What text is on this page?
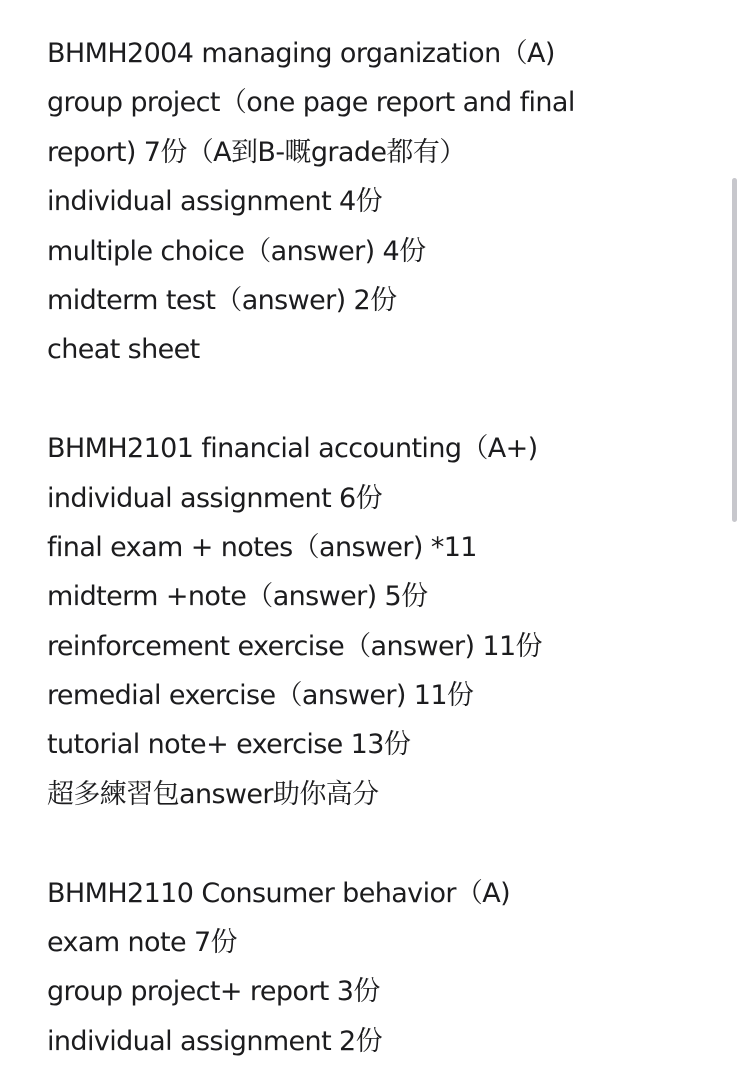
BHMH2004 managing organization（A)
group project（one page report and final
report) 7份（A到B-嘅grade都有）
individual assignment 4份
multiple choice（answer) 4份
midterm test（answer) 2份
cheat sheet
BHMH2101 financial accounting（A+)
individual assignment 6份
final exam + notes（answer) *11
midterm +note（answer) 5份
reinforcement exercise（answer) 11份
remedial exercise（answer) 11份
tutorial note+ exercise 13份
超多練習包answer助你高分
BHMH2110 Consumer behavior（A)
exam note 7份
group project+ report 3份
individual assignment 2份
